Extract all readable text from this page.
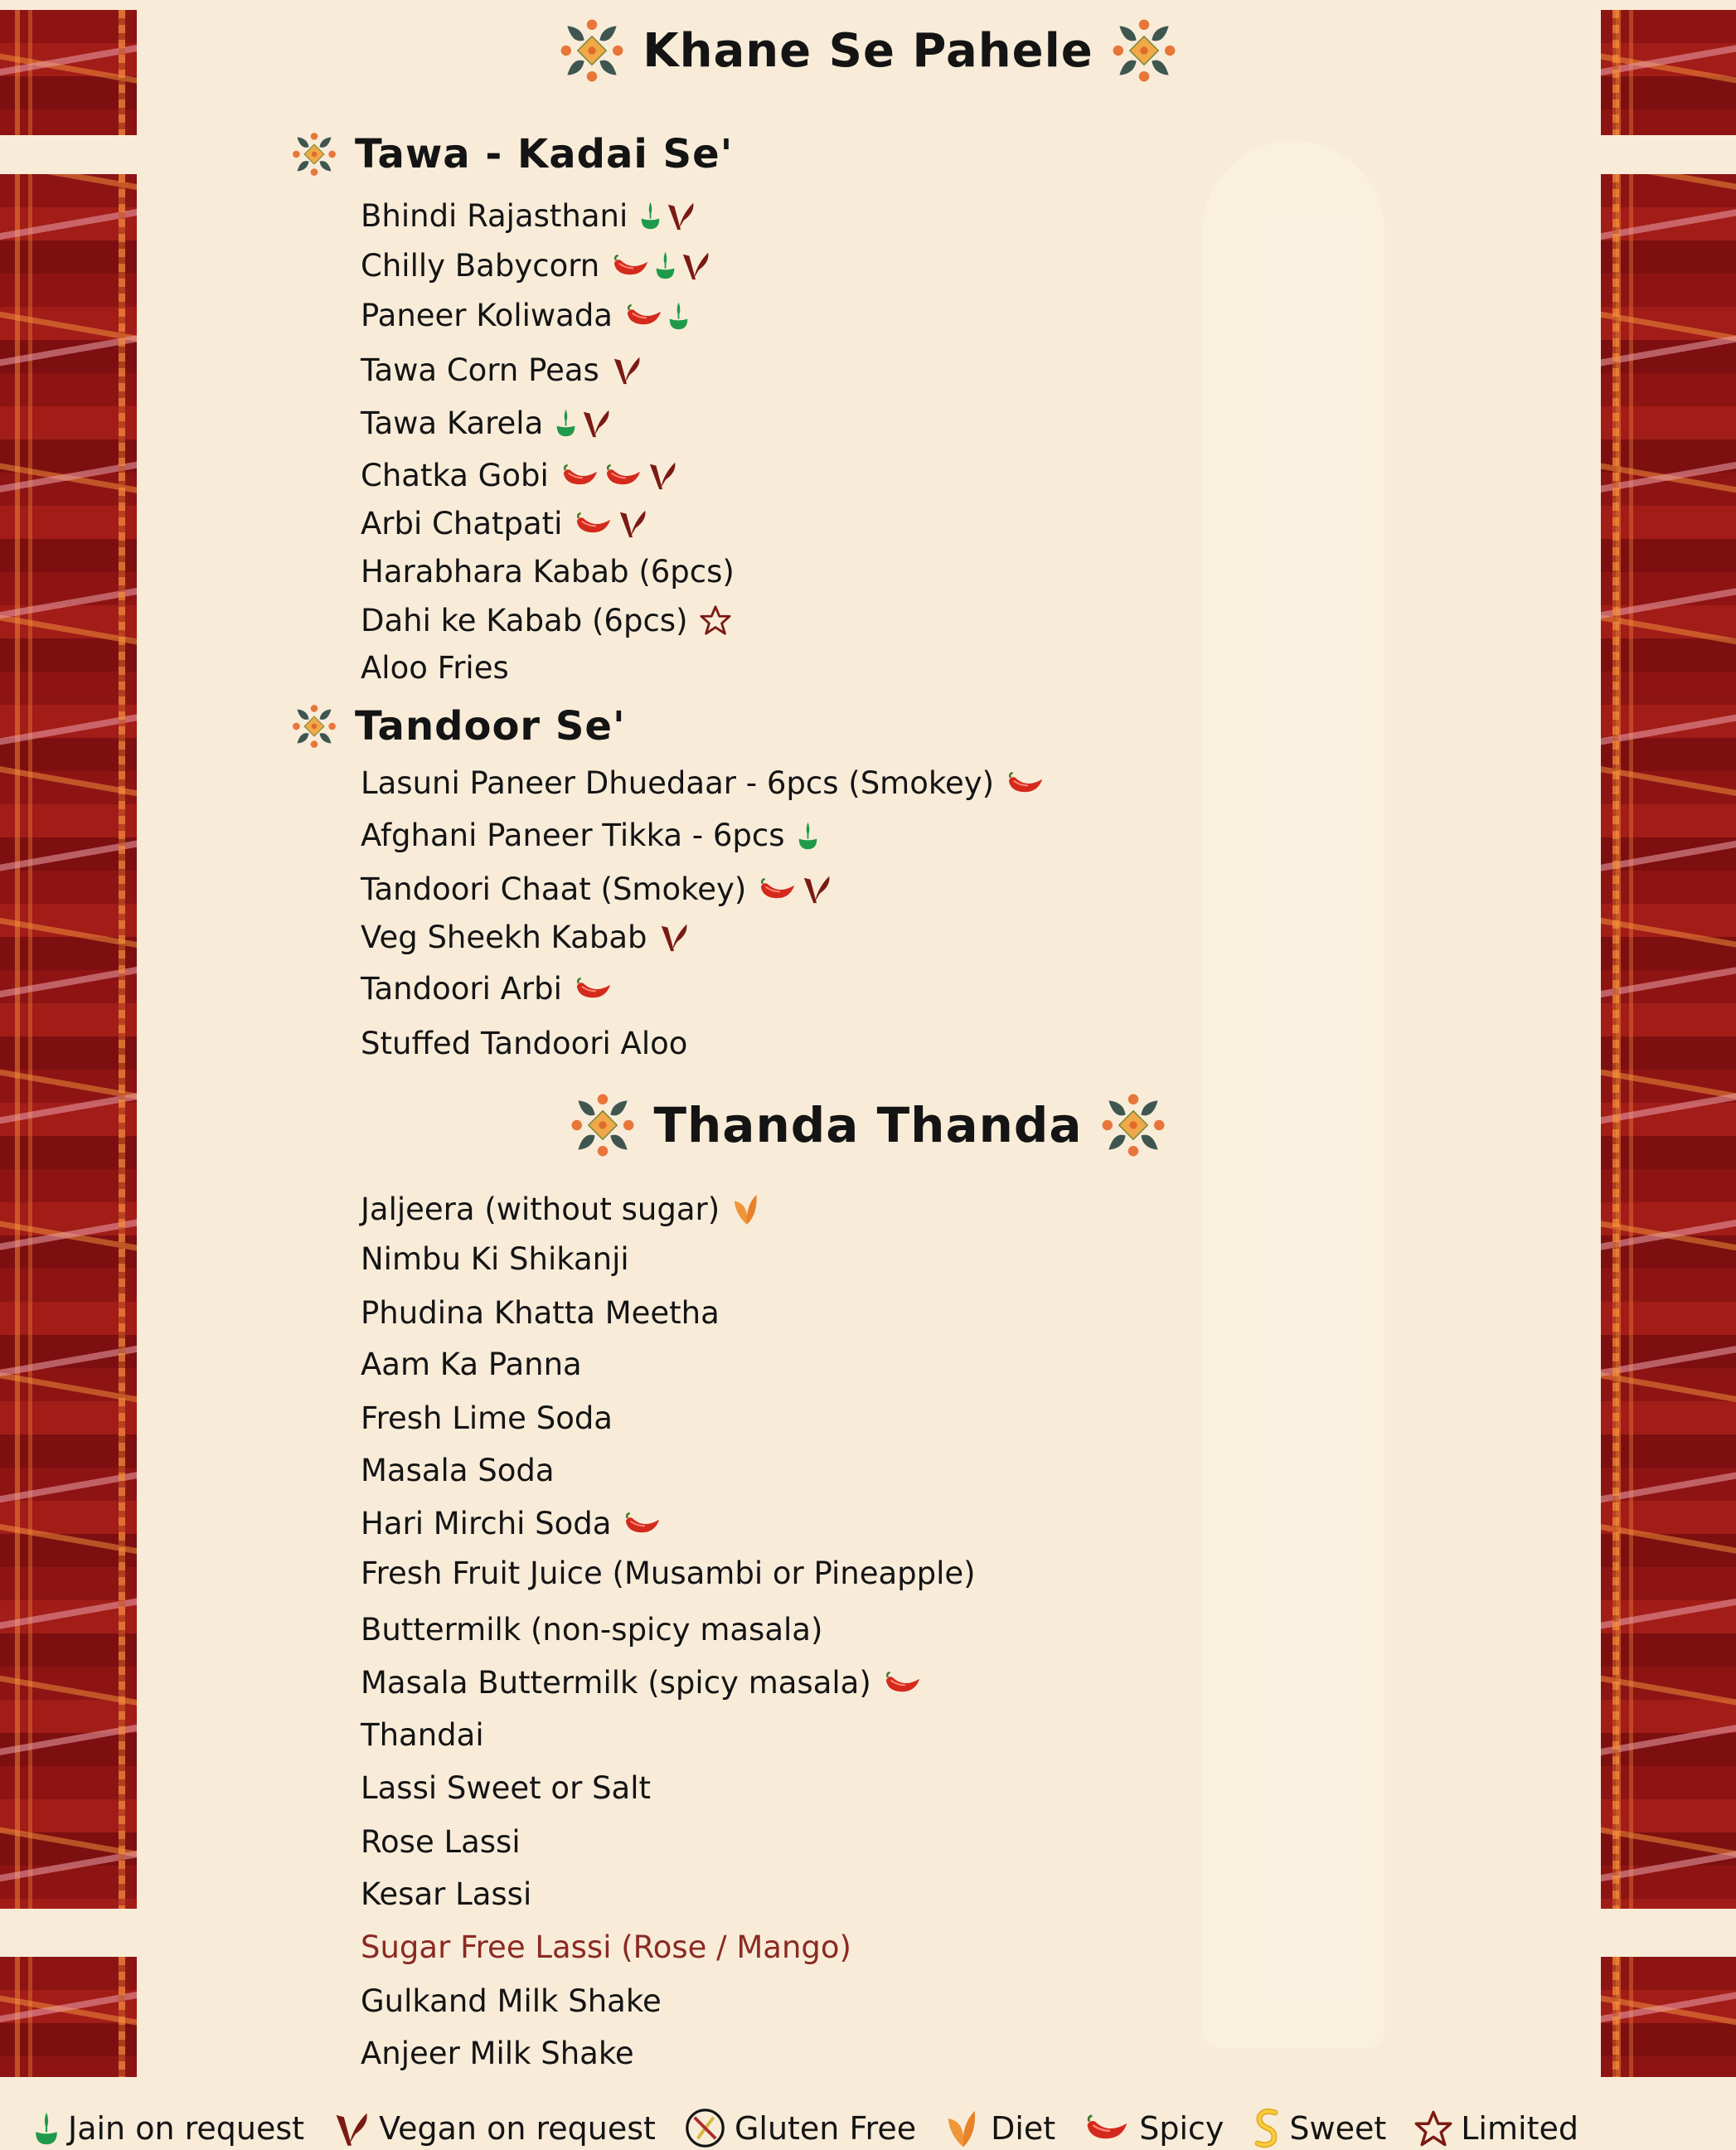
Khane Se Pahele
Tawa - Kadai Se'
Tandoor Se'
Thanda Thanda
Bhindi Rajasthani
Chilly Babycorn
Paneer Koliwada
Tawa Corn Peas
Tawa Karela
Chatka Gobi
Arbi Chatpati
Harabhara Kabab (6pcs)
Dahi ke Kabab (6pcs)
Aloo Fries
Lasuni Paneer Dhuedaar - 6pcs (Smokey)
Afghani Paneer Tikka - 6pcs
Tandoori Chaat (Smokey)
Veg Sheekh Kabab
Tandoori Arbi
Stuffed Tandoori Aloo
Jaljeera (without sugar)
Nimbu Ki Shikanji
Phudina Khatta Meetha
Aam Ka Panna
Fresh Lime Soda
Masala Soda
Hari Mirchi Soda
Fresh Fruit Juice (Musambi or Pineapple)
Buttermilk (non-spicy masala)
Masala Buttermilk (spicy masala)
Thandai
Lassi Sweet or Salt
Rose Lassi
Kesar Lassi
Sugar Free Lassi (Rose / Mango)
Gulkand Milk Shake
Anjeer Milk Shake
Jain on request Vegan on request	Gluten Free Diet	Spicy Sweet Limited
